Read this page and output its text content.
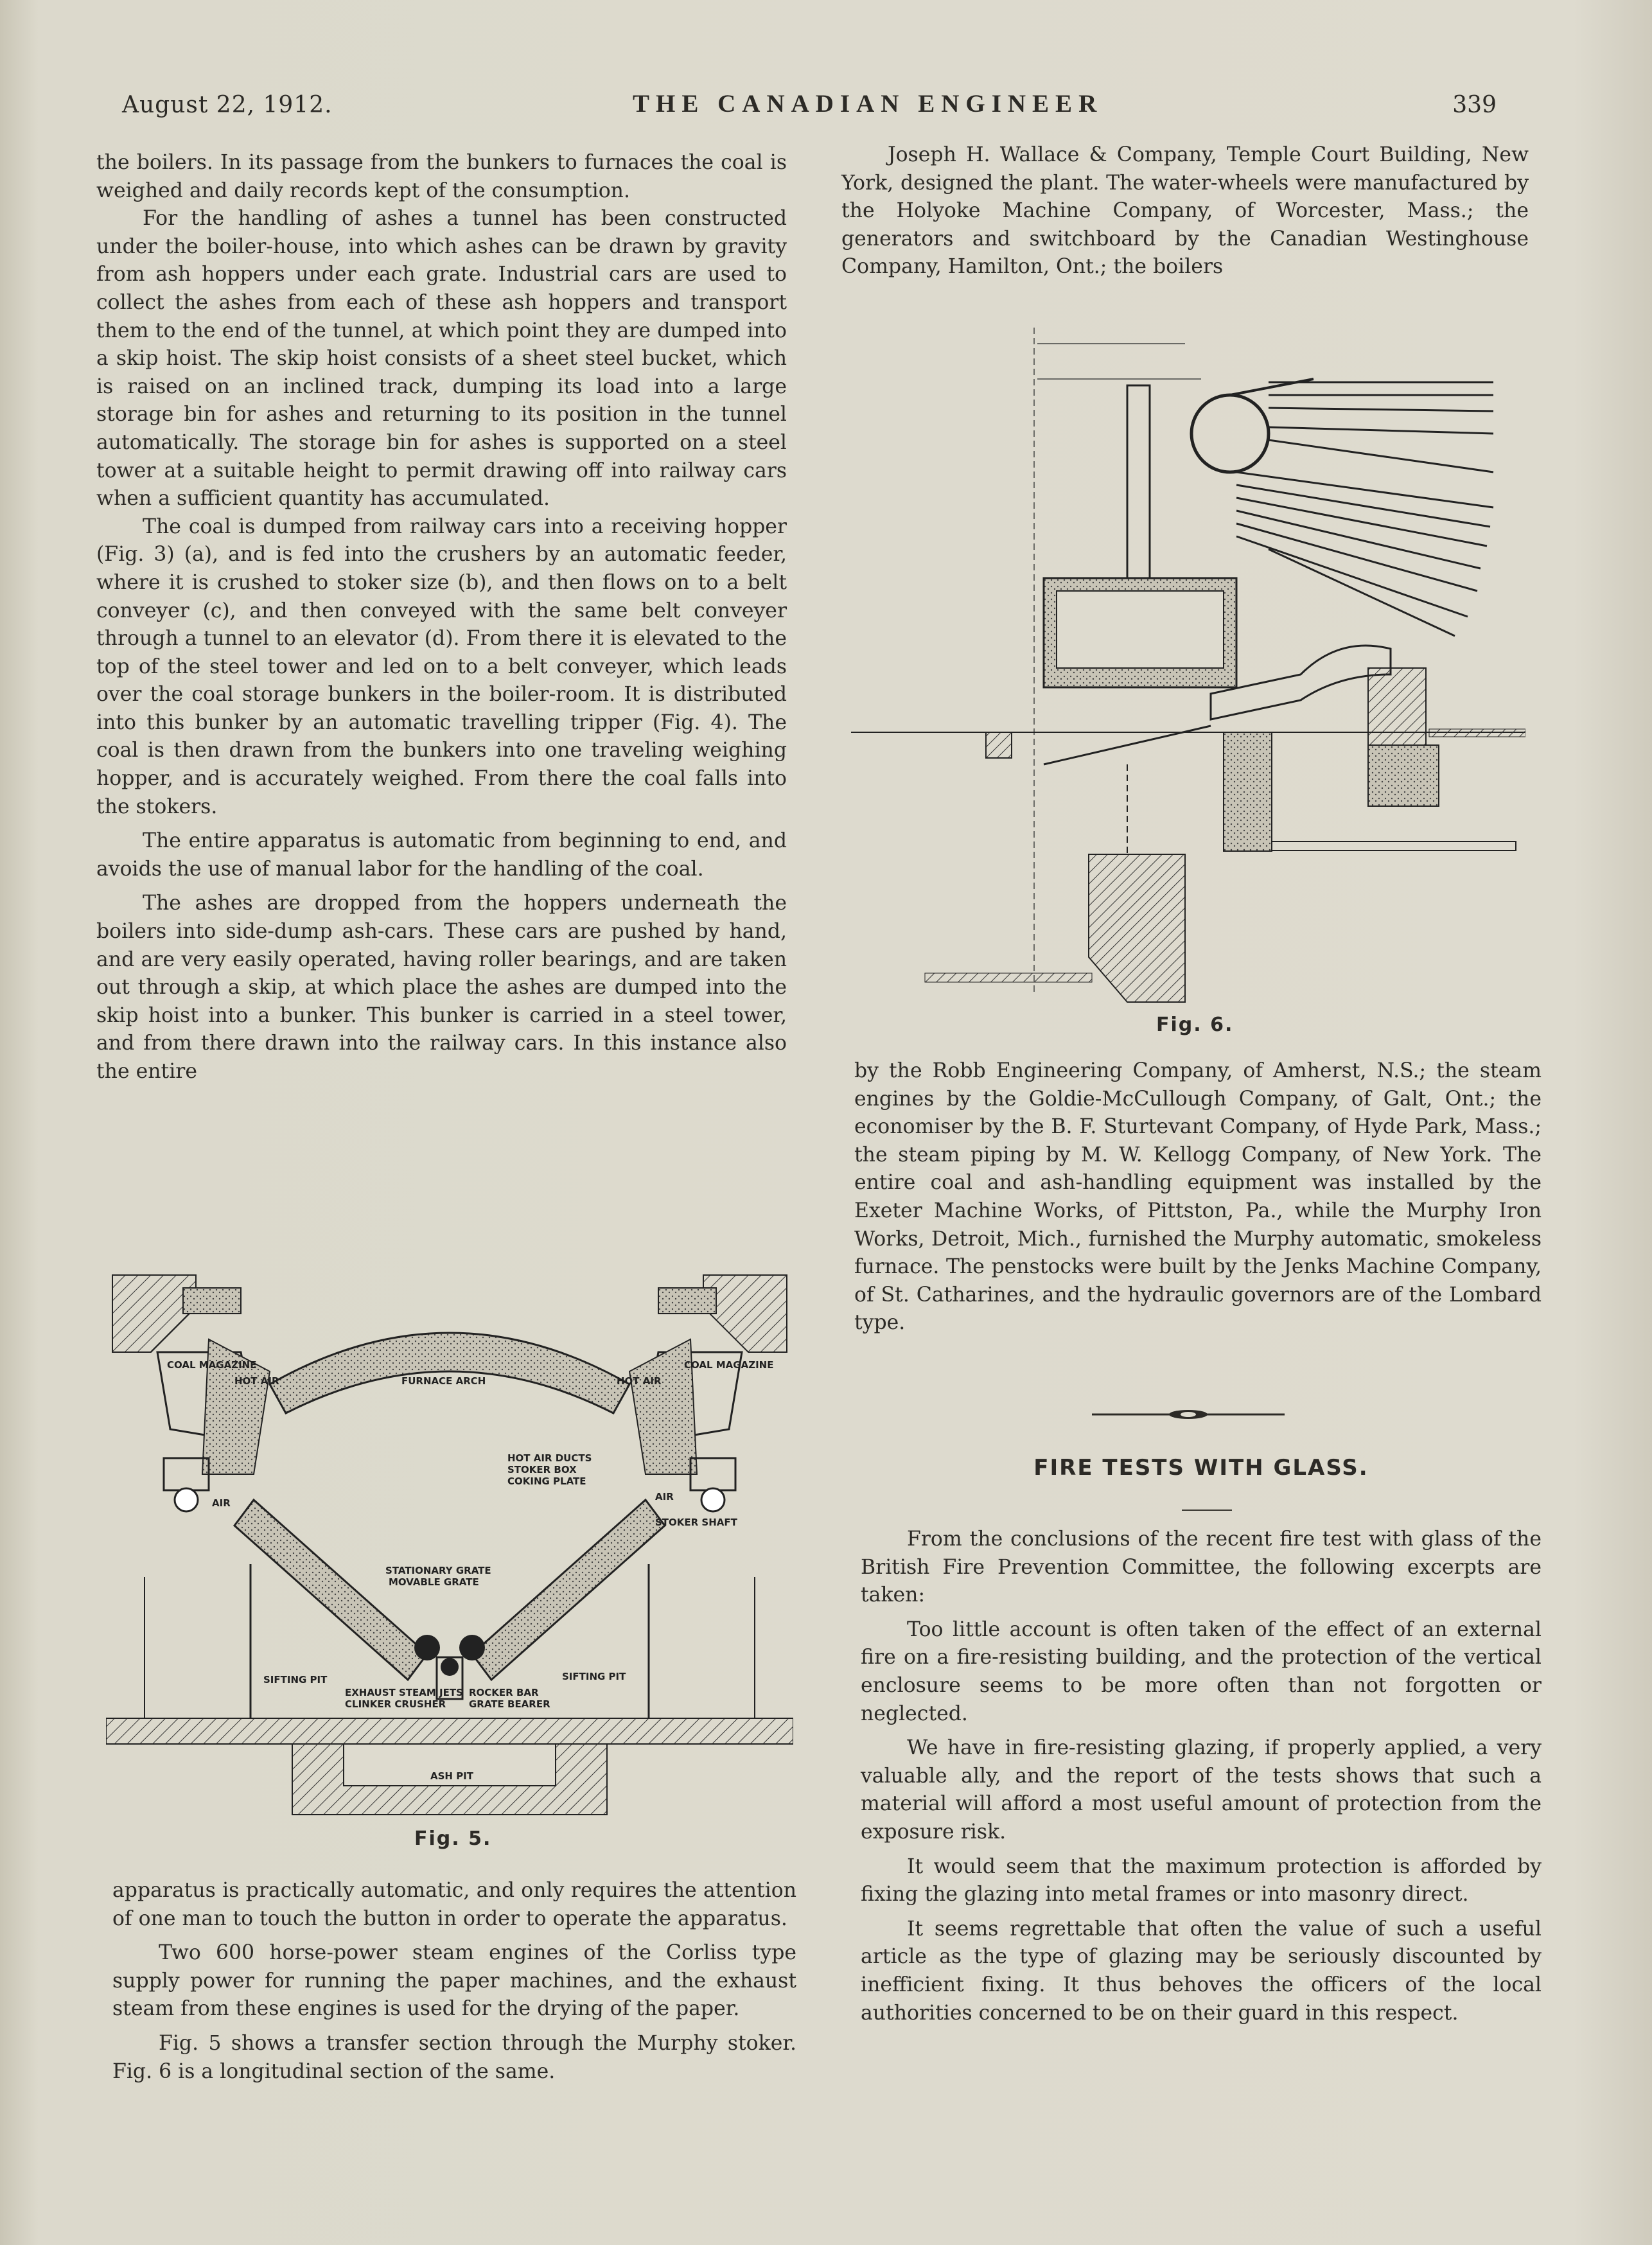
August 22, 1912.	THE CANADIAN ENGINEER	339

the boilers. In its passage from the bunkers to furnaces the coal is weighed and daily records kept of the consumption.

For the handling of ashes a tunnel has been constructed under the boiler-house, into which ashes can be drawn by gravity from ash hoppers under each grate. Industrial cars are used to collect the ashes from each of these ash hoppers and transport them to the end of the tunnel, at which point they are dumped into a skip hoist. The skip hoist consists of a sheet steel bucket, which is raised on an inclined track, dumping its load into a large storage bin for ashes and returning to its position in the tunnel automatically. The storage bin for ashes is supported on a steel tower at a suitable height to permit drawing off into railway cars when a sufficient quantity has accumulated.

The coal is dumped from railway cars into a receiving hopper (Fig. 3) (a), and is fed into the crushers by an automatic feeder, where it is crushed to stoker size (b), and then flows on to a belt conveyer (c), and then conveyed with the same belt conveyer through a tunnel to an elevator (d). From there it is elevated to the top of the steel tower and led on to a belt conveyer, which leads over the coal storage bunkers in the boiler-room. It is distributed into this bunker by an automatic travelling tripper (Fig. 4). The coal is then drawn from the bunkers into one traveling weighing hopper, and is accurately weighed. From there the coal falls into the stokers.

The entire apparatus is automatic from beginning to end, and avoids the use of manual labor for the handling of the coal.

The ashes are dropped from the hoppers underneath the boilers into side-dump ash-cars. These cars are pushed by hand, and are very easily operated, having roller bearings, and are taken out through a skip, at which place the ashes are dumped into the skip hoist into a bunker. This bunker is carried in a steel tower, and from there drawn into the railway cars. In this instance also the entire

COAL MAGAZINE	COAL MAGAZINE
HOT AIR	HOT AIR
FURNACE ARCH
HOT AIR DUCTS
STOKER BOX
COKING PLATE
AIR
AIR
STOKER SHAFT
STATIONARY GRATE
MOVABLE GRATE
SIFTING PIT	SIFTING PIT
EXHAUST STEAM JETS
CLINKER CRUSHER
ROCKER BAR
GRATE BEARER
ASH PIT
Fig. 5.

apparatus is practically automatic, and only requires the attention of one man to touch the button in order to operate the apparatus.

Two 600 horse-power steam engines of the Corliss type supply power for running the paper machines, and the exhaust steam from these engines is used for the drying of the paper.

Fig. 5 shows a transfer section through the Murphy stoker. Fig. 6 is a longitudinal section of the same.

Joseph H. Wallace & Company, Temple Court Building, New York, designed the plant. The water-wheels were manufactured by the Holyoke Machine Company, of Worcester, Mass.; the generators and switchboard by the Canadian Westinghouse Company, Hamilton, Ont.; the boilers

Fig. 6.

by the Robb Engineering Company, of Amherst, N.S.; the steam engines by the Goldie-McCullough Company, of Galt, Ont.; the economiser by the B. F. Sturtevant Company, of Hyde Park, Mass.; the steam piping by M. W. Kellogg Company, of New York. The entire coal and ash-handling equipment was installed by the Exeter Machine Works, of Pittston, Pa., while the Murphy Iron Works, Detroit, Mich., furnished the Murphy automatic, smokeless furnace. The penstocks were built by the Jenks Machine Company, of St. Catharines, and the hydraulic governors are of the Lombard type.

FIRE TESTS WITH GLASS.

From the conclusions of the recent fire test with glass of the British Fire Prevention Committee, the following excerpts are taken:

Too little account is often taken of the effect of an external fire on a fire-resisting building, and the protection of the vertical enclosure seems to be more often than not forgotten or neglected.

We have in fire-resisting glazing, if properly applied, a very valuable ally, and the report of the tests shows that such a material will afford a most useful amount of protection from the exposure risk.

It would seem that the maximum protection is afforded by fixing the glazing into metal frames or into masonry direct.

It seems regrettable that often the value of such a useful article as the type of glazing may be seriously discounted by inefficient fixing. It thus behoves the officers of the local authorities concerned to be on their guard in this respect.
